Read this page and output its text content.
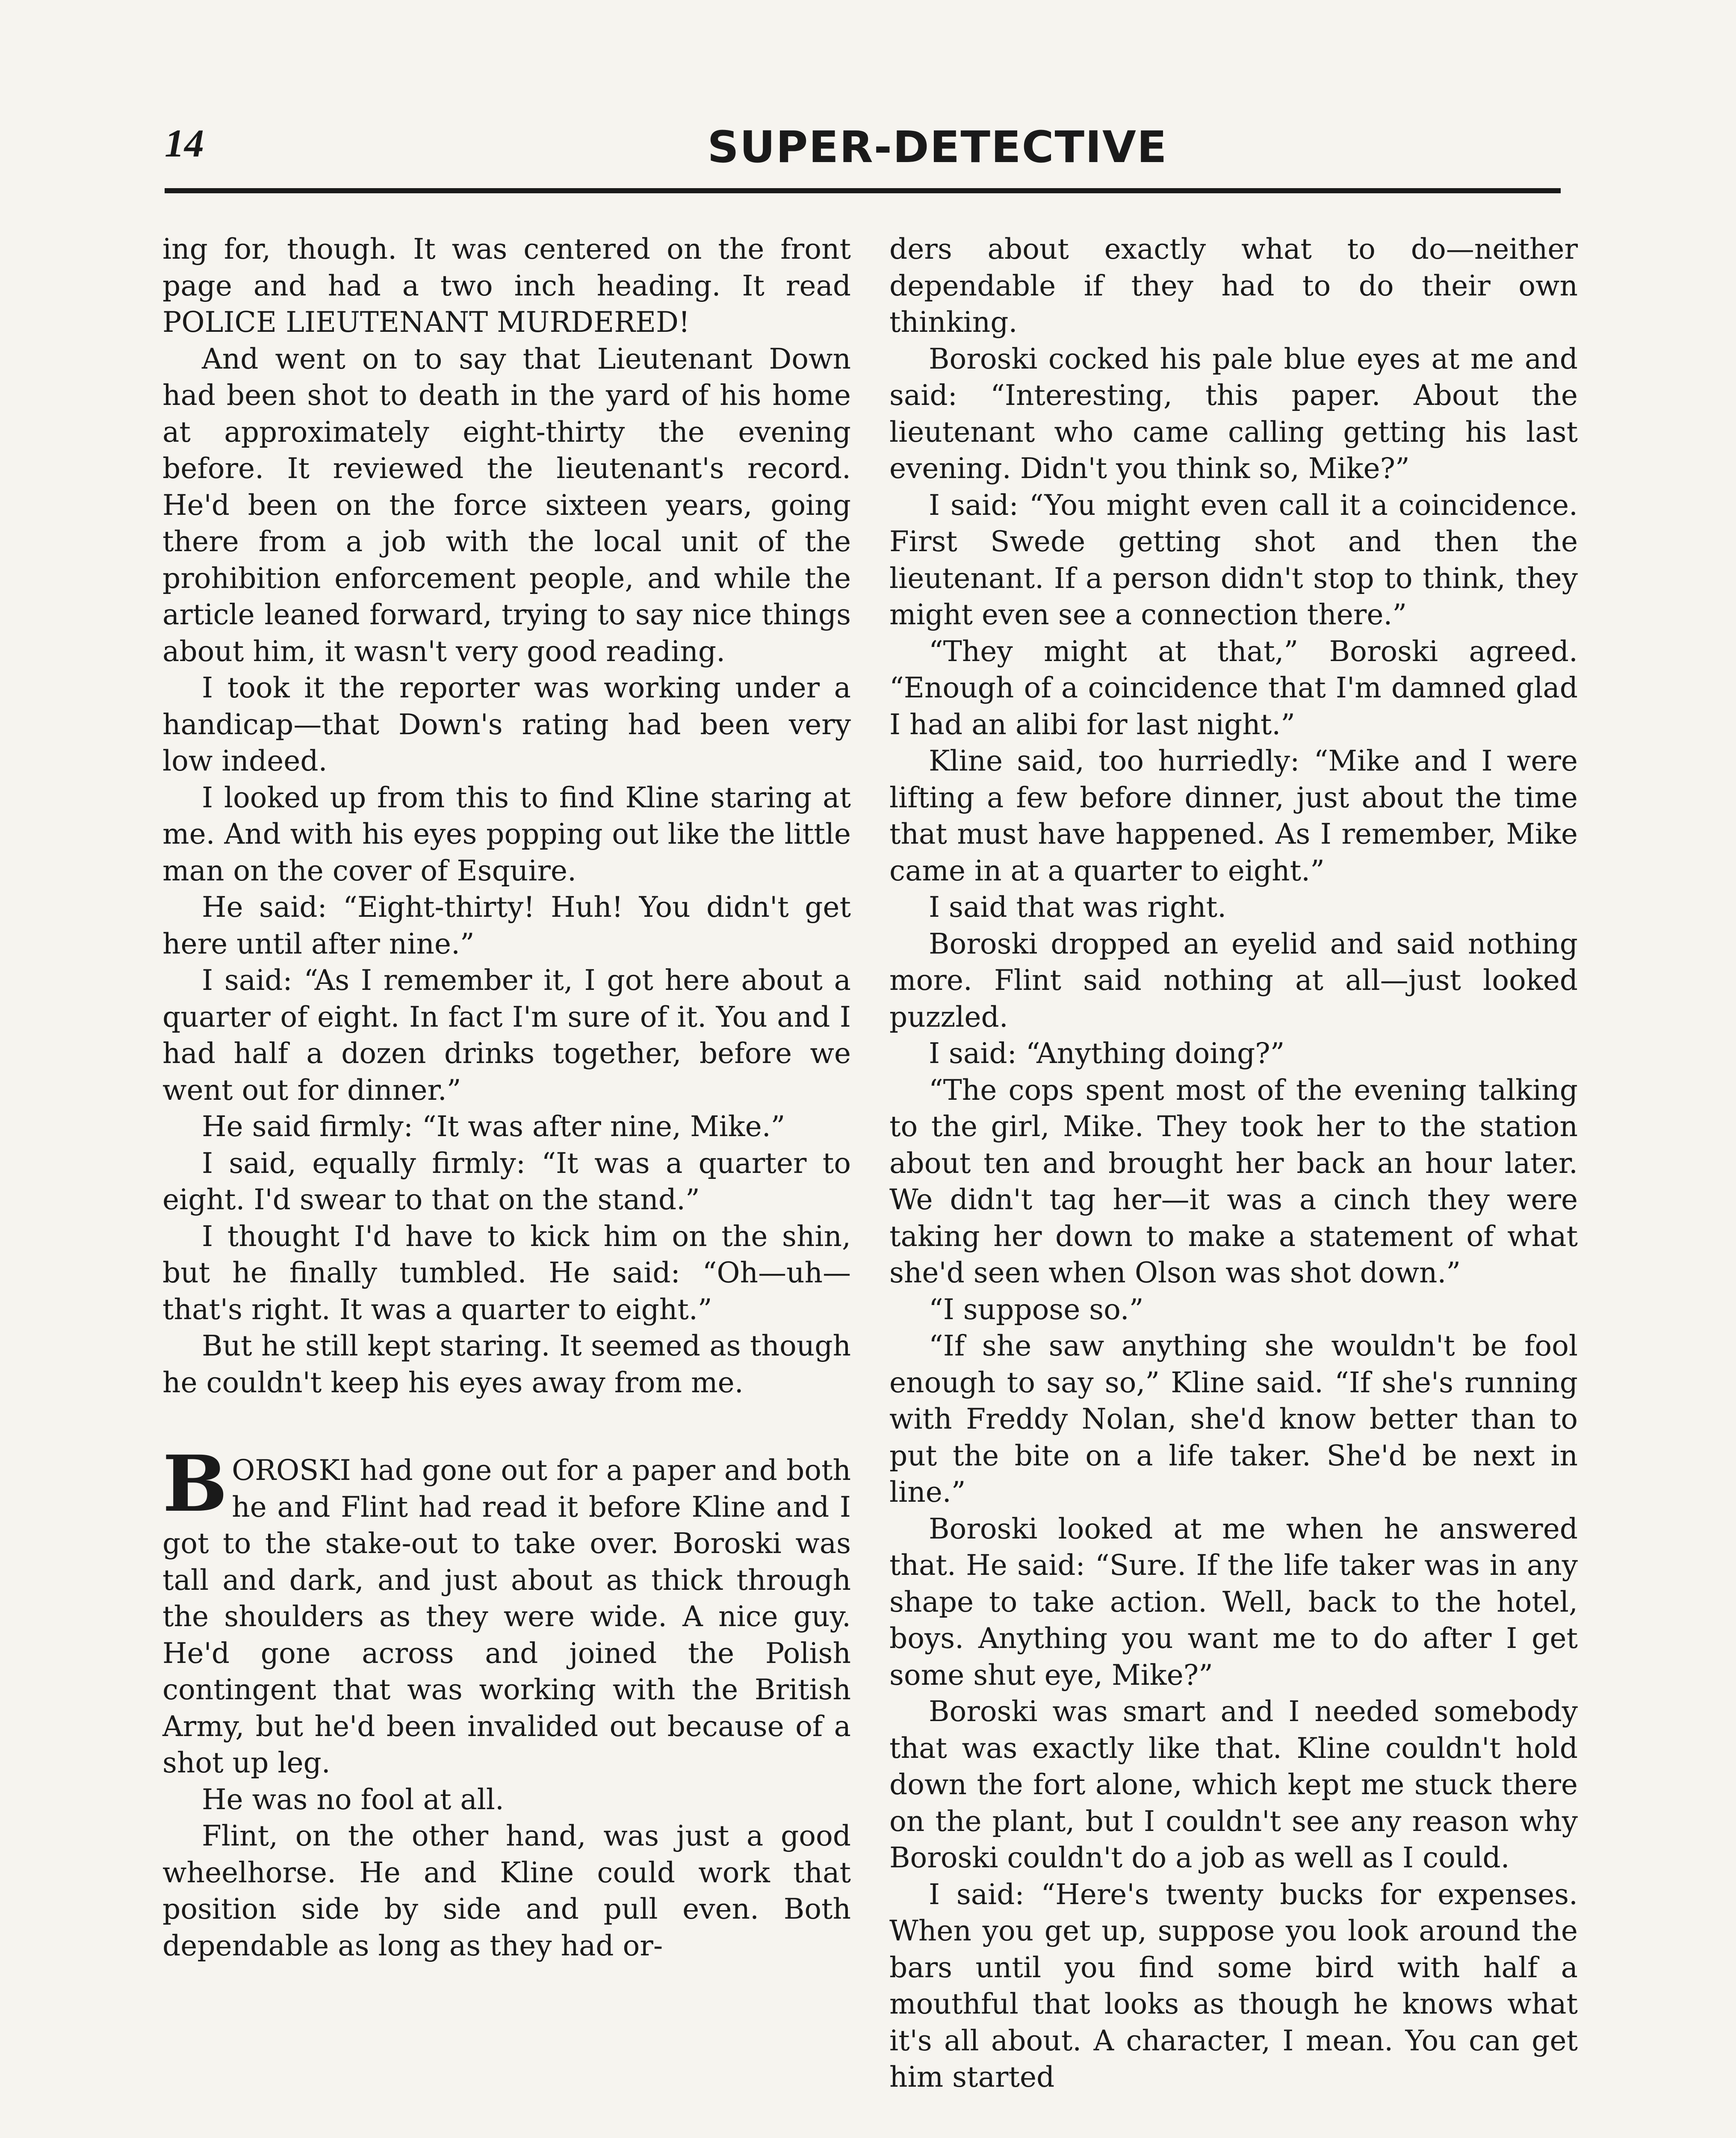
14	SUPER-DETECTIVE

ing for, though. It was centered on the front page and had a two inch heading. It read POLICE LIEUTENANT MURDERED!

And went on to say that Lieutenant Down had been shot to death in the yard of his home at approximately eight-thirty the evening before. It reviewed the lieutenant's record. He'd been on the force sixteen years, going there from a job with the local unit of the prohibition enforcement people, and while the article leaned forward, trying to say nice things about him, it wasn't very good reading.

I took it the reporter was working under a handicap—that Down's rating had been very low indeed.

I looked up from this to find Kline staring at me. And with his eyes popping out like the little man on the cover of Esquire.

He said: “Eight-thirty! Huh! You didn't get here until after nine.”

I said: “As I remember it, I got here about a quarter of eight. In fact I'm sure of it. You and I had half a dozen drinks together, before we went out for dinner.”

He said firmly: “It was after nine, Mike.”

I said, equally firmly: “It was a quarter to eight. I'd swear to that on the stand.”

I thought I'd have to kick him on the shin, but he finally tumbled. He said: “Oh—uh—that's right. It was a quarter to eight.”

But he still kept staring. It seemed as though he couldn't keep his eyes away from me.

BOROSKI had gone out for a paper and both he and Flint had read it before Kline and I got to the stake-out to take over. Boroski was tall and dark, and just about as thick through the shoulders as they were wide. A nice guy. He'd gone across and joined the Polish contingent that was working with the British Army, but he'd been invalided out because of a shot up leg.

He was no fool at all.

Flint, on the other hand, was just a good wheelhorse. He and Kline could work that position side by side and pull even. Both dependable as long as they had or-

ders about exactly what to do—neither dependable if they had to do their own thinking.

Boroski cocked his pale blue eyes at me and said: “Interesting, this paper. About the lieutenant who came calling getting his last evening. Didn't you think so, Mike?”

I said: “You might even call it a coincidence. First Swede getting shot and then the lieutenant. If a person didn't stop to think, they might even see a connection there.”

“They might at that,” Boroski agreed. “Enough of a coincidence that I'm damned glad I had an alibi for last night.”

Kline said, too hurriedly: “Mike and I were lifting a few before dinner, just about the time that must have happened. As I remember, Mike came in at a quarter to eight.”

I said that was right.

Boroski dropped an eyelid and said nothing more. Flint said nothing at all—just looked puzzled.

I said: “Anything doing?”

“The cops spent most of the evening talking to the girl, Mike. They took her to the station about ten and brought her back an hour later. We didn't tag her—it was a cinch they were taking her down to make a statement of what she'd seen when Olson was shot down.”

“I suppose so.”

“If she saw anything she wouldn't be fool enough to say so,” Kline said. “If she's running with Freddy Nolan, she'd know better than to put the bite on a life taker. She'd be next in line.”

Boroski looked at me when he answered that. He said: “Sure. If the life taker was in any shape to take action. Well, back to the hotel, boys. Anything you want me to do after I get some shut eye, Mike?”

Boroski was smart and I needed somebody that was exactly like that. Kline couldn't hold down the fort alone, which kept me stuck there on the plant, but I couldn't see any reason why Boroski couldn't do a job as well as I could.

I said: “Here's twenty bucks for expenses. When you get up, suppose you look around the bars until you find some bird with half a mouthful that looks as though he knows what it's all about. A character, I mean. You can get him started
